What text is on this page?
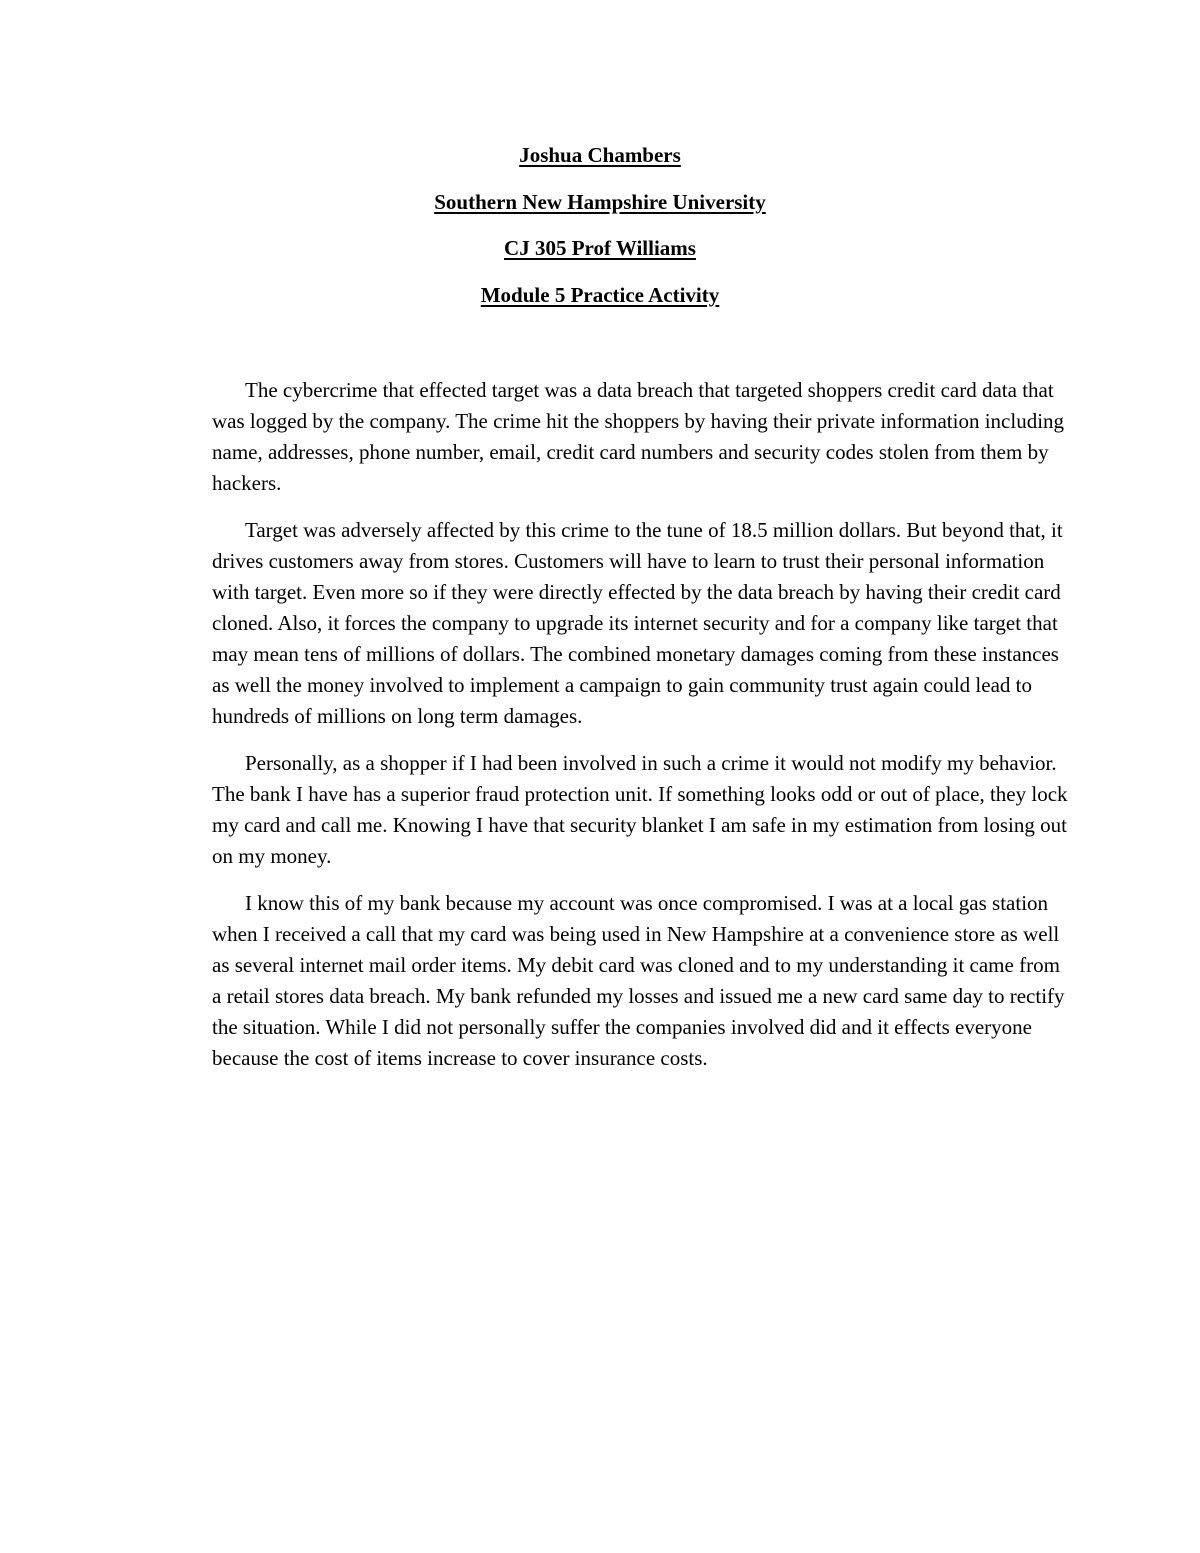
Joshua Chambers
Southern New Hampshire University
CJ 305 Prof Williams
Module 5 Practice Activity

The cybercrime that effected target was a data breach that targeted shoppers credit card data that was logged by the company. The crime hit the shoppers by having their private information including name, addresses, phone number, email, credit card numbers and security codes stolen from them by hackers.

Target was adversely affected by this crime to the tune of 18.5 million dollars. But beyond that, it drives customers away from stores. Customers will have to learn to trust their personal information with target. Even more so if they were directly effected by the data breach by having their credit card cloned. Also, it forces the company to upgrade its internet security and for a company like target that may mean tens of millions of dollars. The combined monetary damages coming from these instances as well the money involved to implement a campaign to gain community trust again could lead to hundreds of millions on long term damages.

Personally, as a shopper if I had been involved in such a crime it would not modify my behavior. The bank I have has a superior fraud protection unit. If something looks odd or out of place, they lock my card and call me. Knowing I have that security blanket I am safe in my estimation from losing out on my money.

I know this of my bank because my account was once compromised. I was at a local gas station when I received a call that my card was being used in New Hampshire at a convenience store as well as several internet mail order items. My debit card was cloned and to my understanding it came from a retail stores data breach. My bank refunded my losses and issued me a new card same day to rectify the situation. While I did not personally suffer the companies involved did and it effects everyone because the cost of items increase to cover insurance costs.
